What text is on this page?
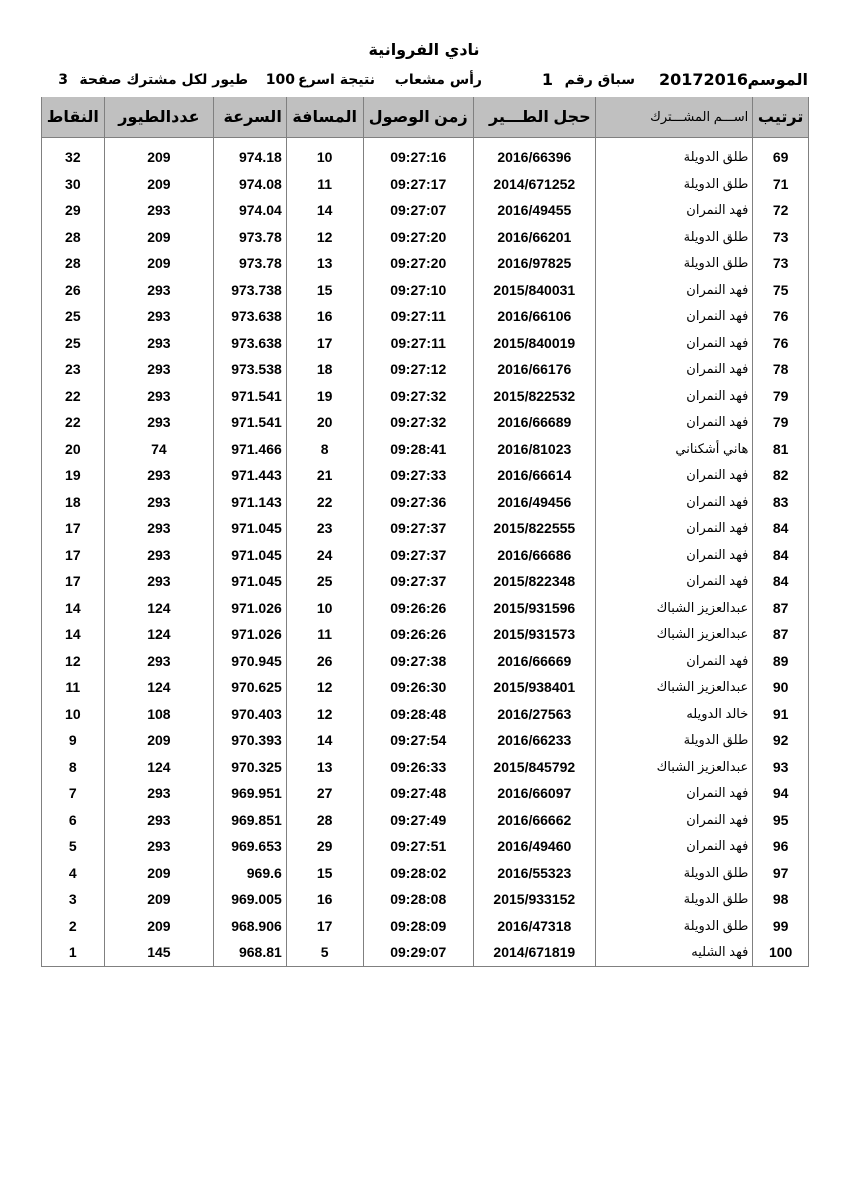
نادي الفروانية
الموسم
20172016
سباق رقم
1
رأس مشعاب
نتيجة اسرع
100
طيور لكل مشترك صفحة
3
ترتيب	اســـم المشـــترك	حجل الطـــير	زمن الوصول	المسافة	السرعة	عددالطيور	النقاط
69	طلق الدويلة	2016/66396	09:27:16	10	974.18	209	32
71	طلق الدويلة	2014/671252	09:27:17	11	974.08	209	30
72	فهد النمران	2016/49455	09:27:07	14	974.04	293	29
73	طلق الدويلة	2016/66201	09:27:20	12	973.78	209	28
73	طلق الدويلة	2016/97825	09:27:20	13	973.78	209	28
75	فهد النمران	2015/840031	09:27:10	15	973.738	293	26
76	فهد النمران	2016/66106	09:27:11	16	973.638	293	25
76	فهد النمران	2015/840019	09:27:11	17	973.638	293	25
78	فهد النمران	2016/66176	09:27:12	18	973.538	293	23
79	فهد النمران	2015/822532	09:27:32	19	971.541	293	22
79	فهد النمران	2016/66689	09:27:32	20	971.541	293	22
81	هاني أشكناني	2016/81023	09:28:41	8	971.466	74	20
82	فهد النمران	2016/66614	09:27:33	21	971.443	293	19
83	فهد النمران	2016/49456	09:27:36	22	971.143	293	18
84	فهد النمران	2015/822555	09:27:37	23	971.045	293	17
84	فهد النمران	2016/66686	09:27:37	24	971.045	293	17
84	فهد النمران	2015/822348	09:27:37	25	971.045	293	17
87	عبدالعزيز الشباك	2015/931596	09:26:26	10	971.026	124	14
87	عبدالعزيز الشباك	2015/931573	09:26:26	11	971.026	124	14
89	فهد النمران	2016/66669	09:27:38	26	970.945	293	12
90	عبدالعزيز الشباك	2015/938401	09:26:30	12	970.625	124	11
91	خالد الدويله	2016/27563	09:28:48	12	970.403	108	10
92	طلق الدويلة	2016/66233	09:27:54	14	970.393	209	9
93	عبدالعزيز الشباك	2015/845792	09:26:33	13	970.325	124	8
94	فهد النمران	2016/66097	09:27:48	27	969.951	293	7
95	فهد النمران	2016/66662	09:27:49	28	969.851	293	6
96	فهد النمران	2016/49460	09:27:51	29	969.653	293	5
97	طلق الدويلة	2016/55323	09:28:02	15	969.6	209	4
98	طلق الدويلة	2015/933152	09:28:08	16	969.005	209	3
99	طلق الدويلة	2016/47318	09:28:09	17	968.906	209	2
100	فهد الشليه	2014/671819	09:29:07	5	968.81	145	1
